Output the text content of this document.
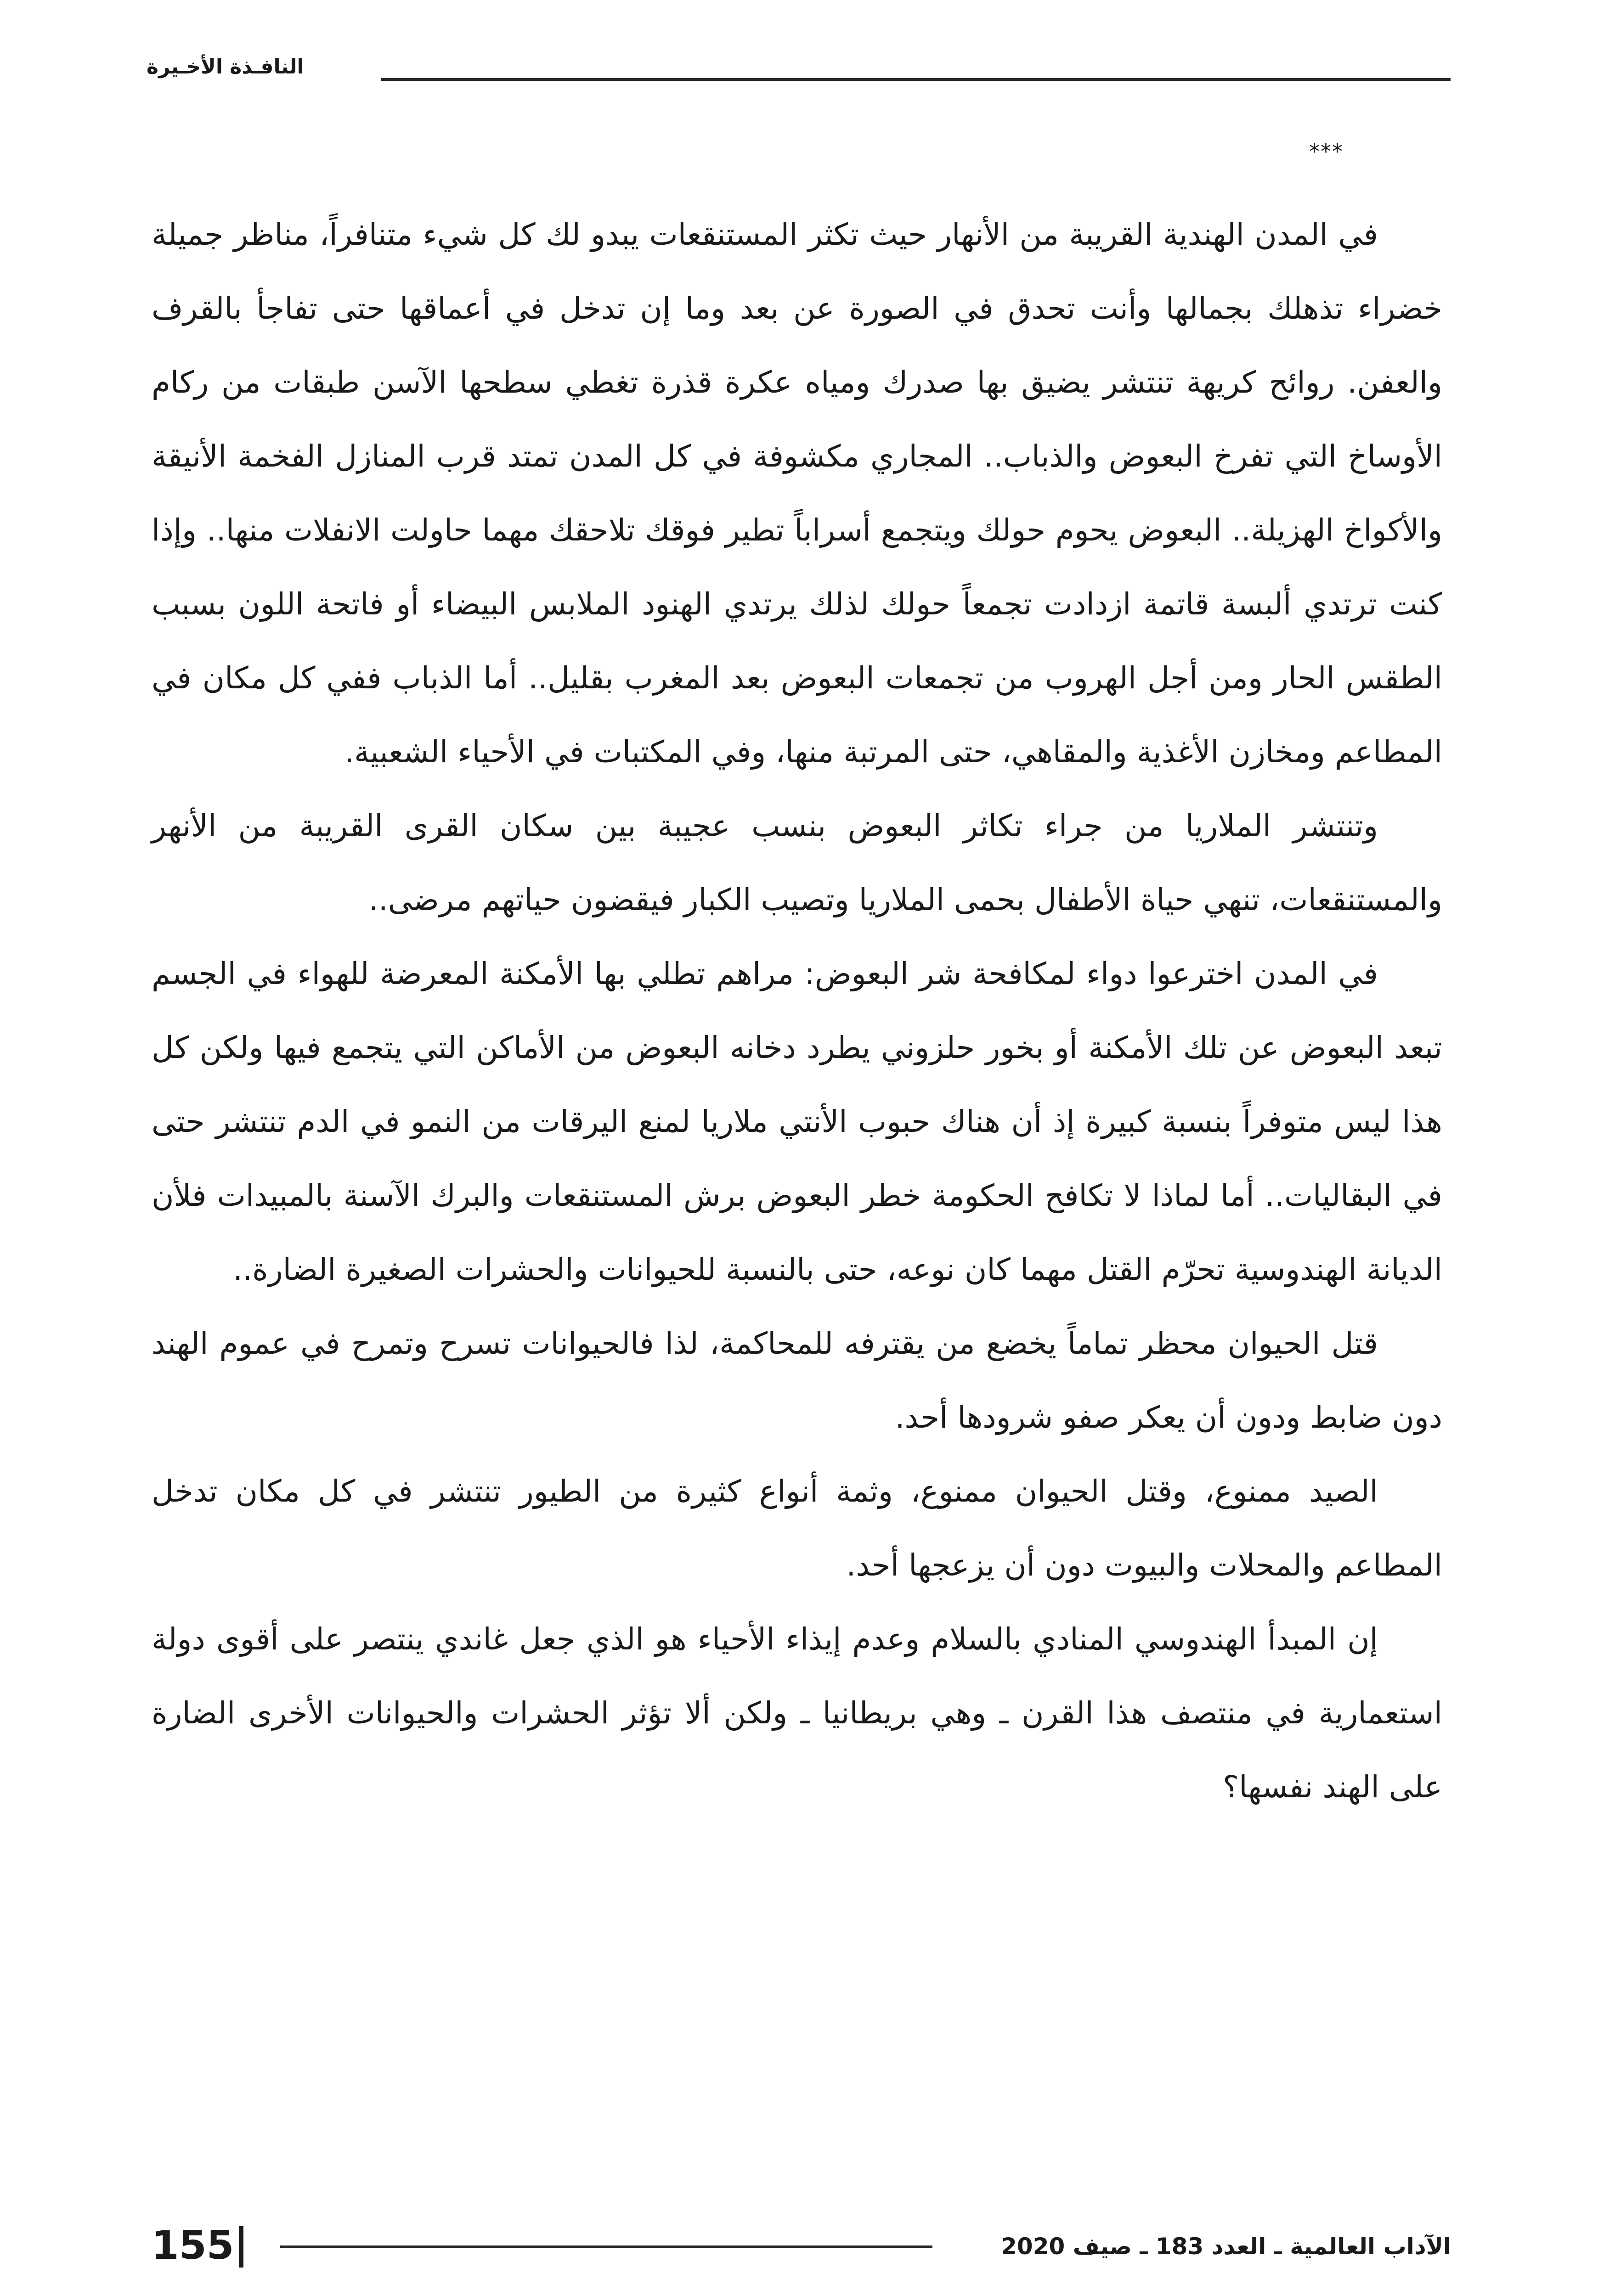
النافـذة الأخـيرة
***

في المدن الهندية القريبة من الأنهار حيث تكثر المستنقعات يبدو لك كل شيء متنافراً، مناظر جميلة خضراء تذهلك بجمالها وأنت تحدق في الصورة عن بعد وما إن تدخل في أعماقها حتى تفاجأ بالقرف والعفن. روائح كريهة تنتشر يضيق بها صدرك ومياه عكرة قذرة تغطي سطحها الآسن طبقات من ركام الأوساخ التي تفرخ البعوض والذباب.. المجاري مكشوفة في كل المدن تمتد قرب المنازل الفخمة الأنيقة والأكواخ الهزيلة.. البعوض يحوم حولك ويتجمع أسراباً تطير فوقك تلاحقك مهما حاولت الانفلات منها.. وإذا كنت ترتدي ألبسة قاتمة ازدادت تجمعاً حولك لذلك يرتدي الهنود الملابس البيضاء أو فاتحة اللون بسبب الطقس الحار ومن أجل الهروب من تجمعات البعوض بعد المغرب بقليل.. أما الذباب ففي كل مكان في المطاعم ومخازن الأغذية والمقاهي، حتى المرتبة منها، وفي المكتبات في الأحياء الشعبية.

وتنتشر الملاريا من جراء تكاثر البعوض بنسب عجيبة بين سكان القرى القريبة من الأنهر والمستنقعات، تنهي حياة الأطفال بحمى الملاريا وتصيب الكبار فيقضون حياتهم مرضى..

في المدن اخترعوا دواء لمكافحة شر البعوض: مراهم تطلي بها الأمكنة المعرضة للهواء في الجسم تبعد البعوض عن تلك الأمكنة أو بخور حلزوني يطرد دخانه البعوض من الأماكن التي يتجمع فيها ولكن كل هذا ليس متوفراً بنسبة كبيرة إذ أن هناك حبوب الأنتي ملاريا لمنع اليرقات من النمو في الدم تنتشر حتى في البقاليات.. أما لماذا لا تكافح الحكومة خطر البعوض برش المستنقعات والبرك الآسنة بالمبيدات فلأن الديانة الهندوسية تحرّم القتل مهما كان نوعه، حتى بالنسبة للحيوانات والحشرات الصغيرة الضارة..

قتل الحيوان محظر تماماً يخضع من يقترفه للمحاكمة، لذا فالحيوانات تسرح وتمرح في عموم الهند دون ضابط ودون أن يعكر صفو شرودها أحد.

الصيد ممنوع، وقتل الحيوان ممنوع، وثمة أنواع كثيرة من الطيور تنتشر في كل مكان تدخل المطاعم والمحلات والبيوت دون أن يزعجها أحد.

إن المبدأ الهندوسي المنادي بالسلام وعدم إيذاء الأحياء هو الذي جعل غاندي ينتصر على أقوى دولة استعمارية في منتصف هذا القرن ـ وهي بريطانيا ـ ولكن ألا تؤثر الحشرات والحيوانات الأخرى الضارة على الهند نفسها؟

الآداب العالمية ـ العدد 183 ـ صيف 2020
155
